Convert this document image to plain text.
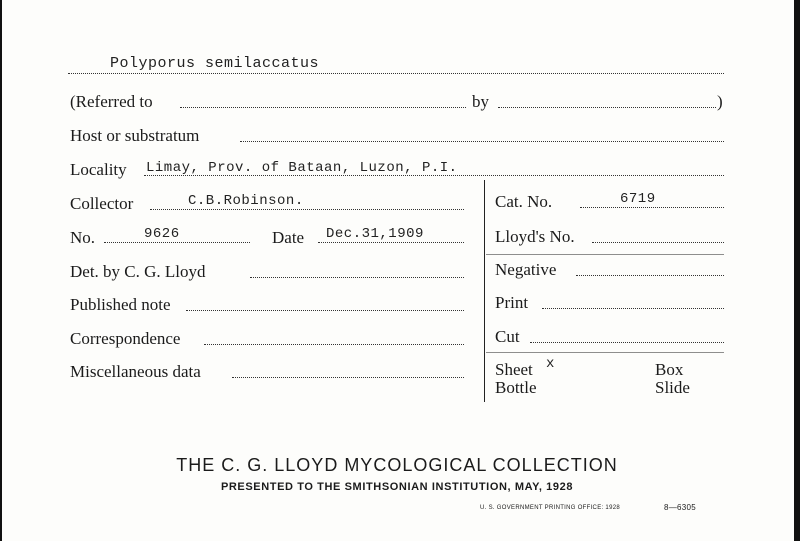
Polyporus semilaccatus
(Referred to	by	)
Host or substratum
Locality Limay, Prov. of Bataan, Luzon, P.I.
Collector	C.B.Robinson.	Cat. No.	6719
No.	9626	Date Dec.31,1909	Lloyd's No.
Det. by C. G. Lloyd	Negative
Published note	Print
Correspondence	Cut
Miscellaneous data	Sheet x	Box
Bottle	Slide
THE C. G. LLOYD MYCOLOGICAL COLLECTION
PRESENTED TO THE SMITHSONIAN INSTITUTION, MAY, 1928
U. S. GOVERNMENT PRINTING OFFICE: 1928	8—6305
